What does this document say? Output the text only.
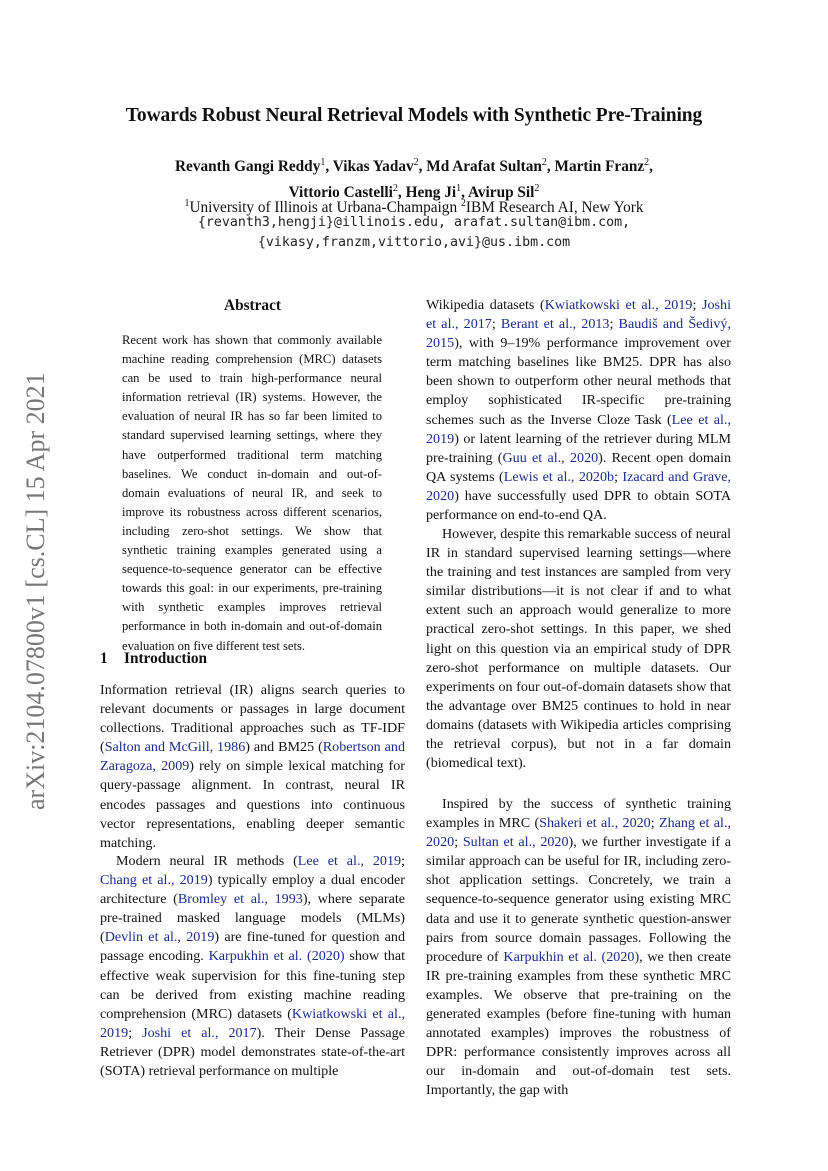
Towards Robust Neural Retrieval Models with Synthetic Pre-Training
Revanth Gangi Reddy$^1$, Vikas Yadav$^2$, Md Arafat Sultan$^2$, Martin Franz$^2$,
Vittorio Castelli$^2$, Heng Ji$^1$, Avirup Sil$^2$
$^1$University of Illinois at Urbana-Champaign $^2$IBM Research AI, New York
{revanth3,hengji}@illinois.edu, arafat.sultan@ibm.com,
{vikasy,franzm,vittorio,avi}@us.ibm.com
arXiv:2104.07800v1 [cs.CL] 15 Apr 2021
Abstract
Recent work has shown that commonly available machine reading comprehension (MRC) datasets can be used to train high-performance neural information retrieval (IR) systems. However, the evaluation of neural IR has so far been limited to standard supervised learning settings, where they have outperformed traditional term matching baselines. We conduct in-domain and out-of-domain evaluations of neural IR, and seek to improve its robustness across different scenarios, including zero-shot settings. We show that synthetic training examples generated using a sequence-to-sequence generator can be effective towards this goal: in our experiments, pre-training with synthetic examples improves retrieval performance in both in-domain and out-of-domain evaluation on five different test sets.
1 Introduction

Information retrieval (IR) aligns search queries to relevant documents or passages in large document collections. Traditional approaches such as TF-IDF (Salton and McGill, 1986) and BM25 (Robertson and Zaragoza, 2009) rely on simple lexical matching for query-passage alignment. In contrast, neural IR encodes passages and questions into continuous vector representations, enabling deeper semantic matching.

Modern neural IR methods (Lee et al., 2019; Chang et al., 2019) typically employ a dual encoder architecture (Bromley et al., 1993), where separate pre-trained masked language models (MLMs) (Devlin et al., 2019) are fine-tuned for question and passage encoding. Karpukhin et al. (2020) show that effective weak supervision for this fine-tuning step can be derived from existing machine reading comprehension (MRC) datasets (Kwiatkowski et al., 2019; Joshi et al., 2017). Their Dense Passage Retriever (DPR) model demonstrates state-of-the-art (SOTA) retrieval performance on multiple

Wikipedia datasets (Kwiatkowski et al., 2019; Joshi et al., 2017; Berant et al., 2013; Baudiš and Šedivý, 2015), with 9–19% performance improvement over term matching baselines like BM25. DPR has also been shown to outperform other neural methods that employ sophisticated IR-specific pre-training schemes such as the Inverse Cloze Task (Lee et al., 2019) or latent learning of the retriever during MLM pre-training (Guu et al., 2020). Recent open domain QA systems (Lewis et al., 2020b; Izacard and Grave, 2020) have successfully used DPR to obtain SOTA performance on end-to-end QA.

However, despite this remarkable success of neural IR in standard supervised learning settings—where the training and test instances are sampled from very similar distributions—it is not clear if and to what extent such an approach would generalize to more practical zero-shot settings. In this paper, we shed light on this question via an empirical study of DPR zero-shot performance on multiple datasets. Our experiments on four out-of-domain datasets show that the advantage over BM25 continues to hold in near domains (datasets with Wikipedia articles comprising the retrieval corpus), but not in a far domain (biomedical text).

Inspired by the success of synthetic training examples in MRC (Shakeri et al., 2020; Zhang et al., 2020; Sultan et al., 2020), we further investigate if a similar approach can be useful for IR, including zero-shot application settings. Concretely, we train a sequence-to-sequence generator using existing MRC data and use it to generate synthetic question-answer pairs from source domain passages. Following the procedure of Karpukhin et al. (2020), we then create IR pre-training examples from these synthetic MRC examples. We observe that pre-training on the generated examples (before fine-tuning with human annotated examples) improves the robustness of DPR: performance consistently improves across all our in-domain and out-of-domain test sets. Importantly, the gap with
